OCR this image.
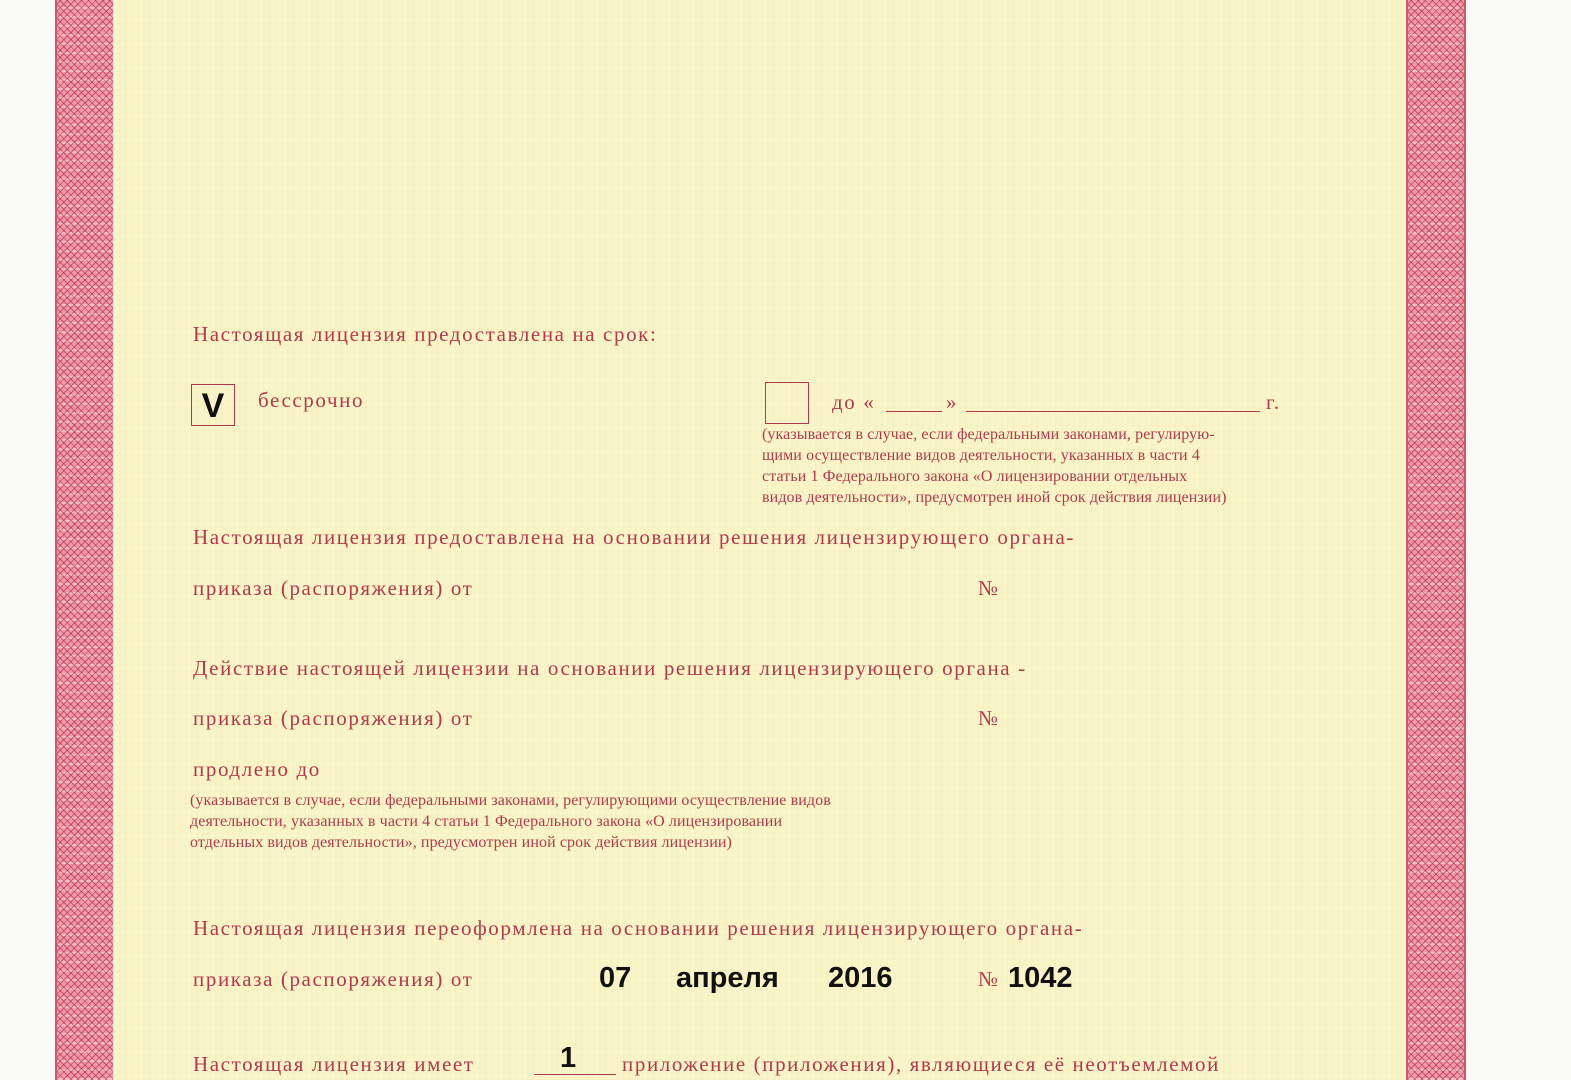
Настоящая лицензия предоставлена на срок:
V	бессрочно	до «	»	г.
(указывается в случае, если федеральными законами, регулирую-
щими осуществление видов деятельности, указанных в части 4
статьи 1 Федерального закона «О лицензировании отдельных
видов деятельности», предусмотрен иной срок действия лицензии)
Настоящая лицензия предоставлена на основании решения лицензирующего органа-
приказа (распоряжения) от	№
Действие настоящей лицензии на основании решения лицензирующего органа -
приказа (распоряжения) от	№
продлено до
(указывается в случае, если федеральными законами, регулирующими осуществление видов
деятельности, указанных в части 4 статьи 1 Федерального закона «О лицензировании
отдельных видов деятельности», предусмотрен иной срок действия лицензии)
Настоящая лицензия переоформлена на основании решения лицензирующего органа-
приказа (распоряжения) от	07 апреля 2016	№ 1042
Настоящая лицензия имеет	1 приложение (приложения), являющиеся её неотъемлемой
